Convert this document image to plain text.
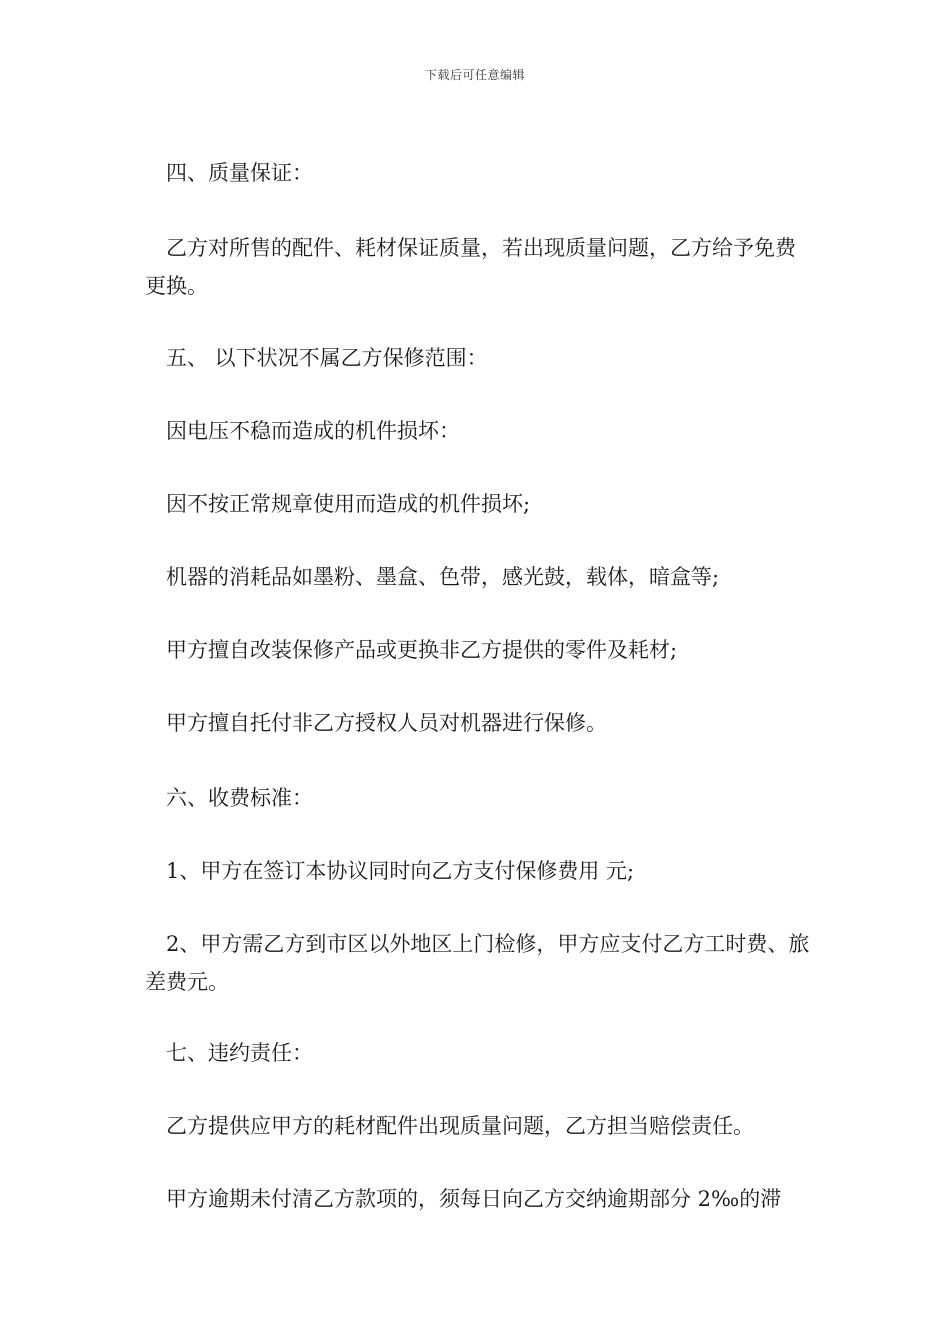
下载后可任意编辑
四、质量保证：
乙方对所售的配件、耗材保证质量，若出现质量问题，乙方给予免费更换。
五、 以下状况不属乙方保修范围：
因电压不稳而造成的机件损坏：
因不按正常规章使用而造成的机件损坏;
机器的消耗品如墨粉、墨盒、色带，感光鼓，载体，暗盒等;
甲方擅自改装保修产品或更换非乙方提供的零件及耗材;
甲方擅自托付非乙方授权人员对机器进行保修。
六、收费标准：
1、甲方在签订本协议同时向乙方支付保修费用 元;
2、甲方需乙方到市区以外地区上门检修，甲方应支付乙方工时费、旅差费元。
七、违约责任：
乙方提供应甲方的耗材配件出现质量问题，乙方担当赔偿责任。
甲方逾期未付清乙方款项的，须每日向乙方交纳逾期部分 2‰的滞
